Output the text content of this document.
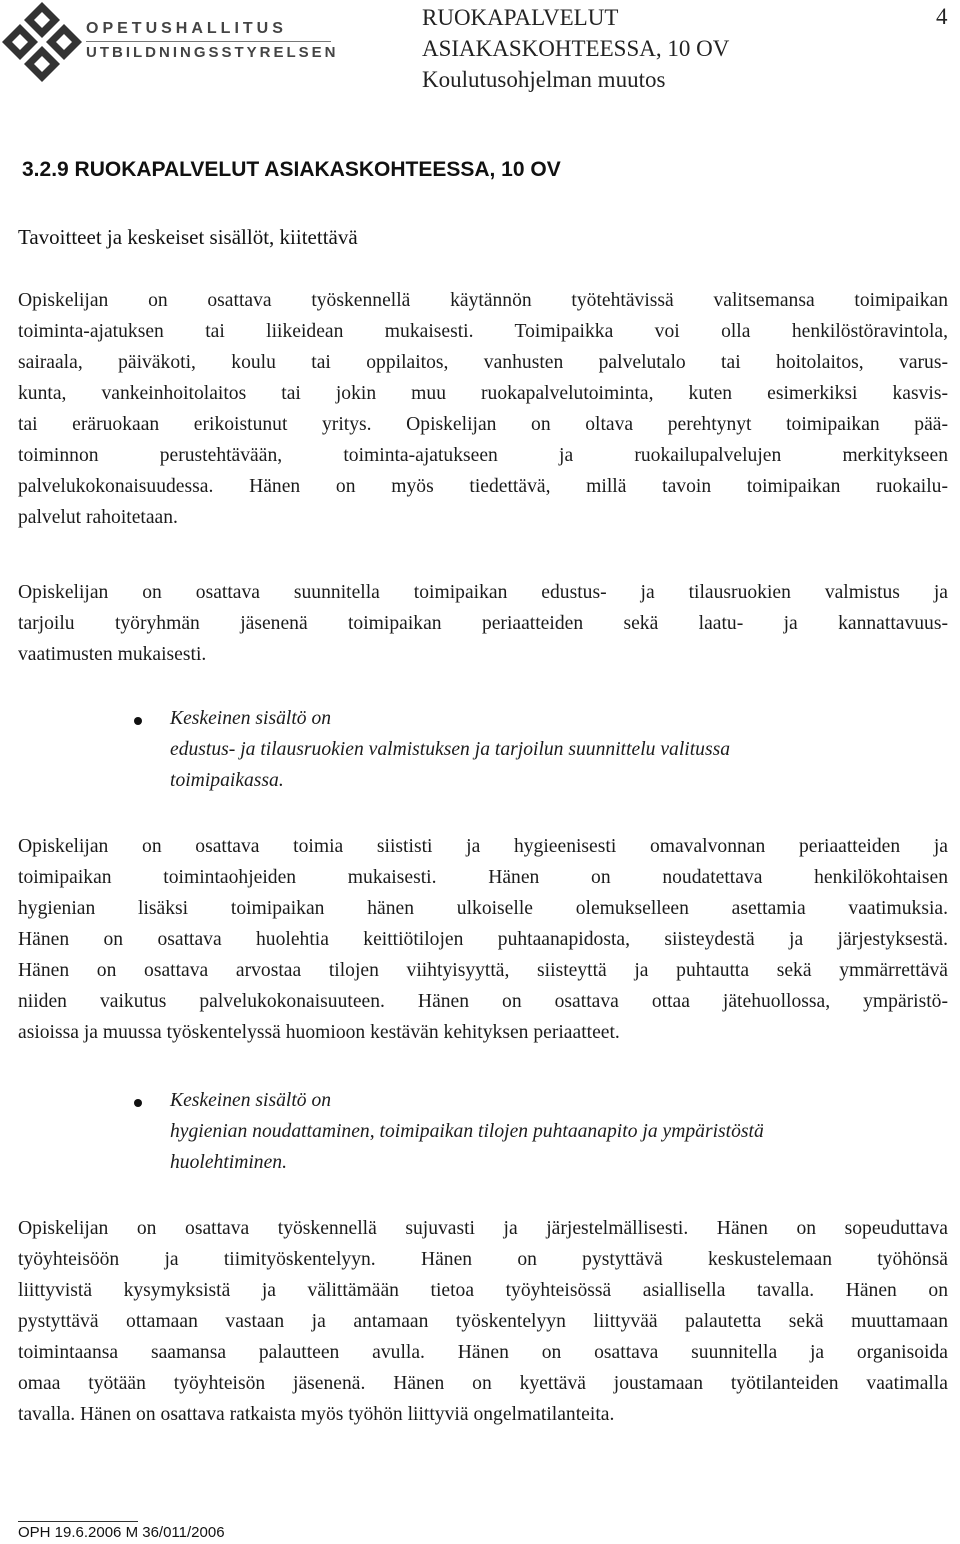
OPETUSHALLITUS
UTBILDNINGSSTYRELSEN
RUOKAPALVELUT
ASIAKASKOHTEESSA, 10 OV
Koulutusohjelman muutos
4
3.2.9 RUOKAPALVELUT ASIAKASKOHTEESSA, 10 OV
Tavoitteet ja keskeiset sisällöt, kiitettävä

Opiskelijan on osattava työskennellä käytännön työtehtävissä valitsemansa toimipaikan
toiminta-ajatuksen tai liikeidean mukaisesti. Toimipaikka voi olla henkilöstöravintola,
sairaala, päiväkoti, koulu tai oppilaitos, vanhusten palvelutalo tai hoitolaitos, varus-
kunta, vankeinhoitolaitos tai jokin muu ruokapalvelutoiminta, kuten esimerkiksi kasvis-
tai eräruokaan erikoistunut yritys. Opiskelijan on oltava perehtynyt toimipaikan pää-
toiminnon perustehtävään, toiminta-ajatukseen ja ruokailupalvelujen merkitykseen
palvelukokonaisuudessa. Hänen on myös tiedettävä, millä tavoin toimipaikan ruokailu-
palvelut rahoitetaan.

Opiskelijan on osattava suunnitella toimipaikan edustus- ja tilausruokien valmistus ja
tarjoilu työryhmän jäsenenä toimipaikan periaatteiden sekä laatu- ja kannattavuus-
vaatimusten mukaisesti.

Keskeinen sisältö on
edustus- ja tilausruokien valmistuksen ja tarjoilun suunnittelu valitussa
toimipaikassa.

Opiskelijan on osattava toimia siististi ja hygieenisesti omavalvonnan periaatteiden ja
toimipaikan toimintaohjeiden mukaisesti. Hänen on noudatettava henkilökohtaisen
hygienian lisäksi toimipaikan hänen ulkoiselle olemukselleen asettamia vaatimuksia.
Hänen on osattava huolehtia keittiötilojen puhtaanapidosta, siisteydestä ja järjestyksestä.
Hänen on osattava arvostaa tilojen viihtyisyyttä, siisteyttä ja puhtautta sekä ymmärrettävä
niiden vaikutus palvelukokonaisuuteen. Hänen on osattava ottaa jätehuollossa, ympäristö-
asioissa ja muussa työskentelyssä huomioon kestävän kehityksen periaatteet.

Keskeinen sisältö on
hygienian noudattaminen, toimipaikan tilojen puhtaanapito ja ympäristöstä
huolehtiminen.

Opiskelijan on osattava työskennellä sujuvasti ja järjestelmällisesti. Hänen on sopeuduttava
työyhteisöön ja tiimityöskentelyyn. Hänen on pystyttävä keskustelemaan työhönsä
liittyvistä kysymyksistä ja välittämään tietoa työyhteisössä asiallisella tavalla. Hänen on
pystyttävä ottamaan vastaan ja antamaan työskentelyyn liittyvää palautetta sekä muuttamaan
toimintaansa saamansa palautteen avulla. Hänen on osattava suunnitella ja organisoida
omaa työtään työyhteisön jäsenenä. Hänen on kyettävä joustamaan työtilanteiden vaatimalla
tavalla. Hänen on osattava ratkaista myös työhön liittyviä ongelmatilanteita.

OPH 19.6.2006 M 36/011/2006
